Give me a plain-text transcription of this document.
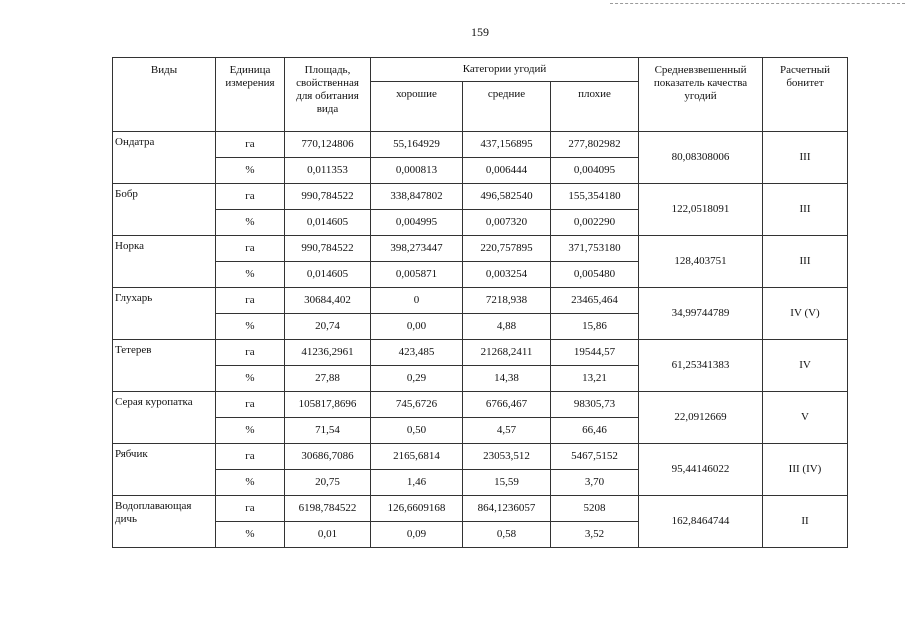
159
Виды	Единица измерения	Площадь, свойственная для обитания вида	Категории угодий			Средневзвешенный показатель качества угодий	Расчетный бонитет
			хорошие	средние	плохие		
Ондатра	га	770,124806	55,164929	437,156895	277,802982	80,08308006	III
	%	0,011353	0,000813	0,006444	0,004095		
Бобр	га	990,784522	338,847802	496,582540	155,354180	122,0518091	III
	%	0,014605	0,004995	0,007320	0,002290		
Норка	га	990,784522	398,273447	220,757895	371,753180	128,403751	III
	%	0,014605	0,005871	0,003254	0,005480		
Глухарь	га	30684,402	0	7218,938	23465,464	34,99744789	IV (V)
	%	20,74	0,00	4,88	15,86		
Тетерев	га	41236,2961	423,485	21268,2411	19544,57	61,25341383	IV
	%	27,88	0,29	14,38	13,21		
Серая куропатка	га	105817,8696	745,6726	6766,467	98305,73	22,0912669	V
	%	71,54	0,50	4,57	66,46		
Рябчик	га	30686,7086	2165,6814	23053,512	5467,5152	95,44146022	III (IV)
	%	20,75	1,46	15,59	3,70		
Водоплавающая дичь	га	6198,784522	126,6609168	864,1236057	5208	162,8464744	II
	%	0,01	0,09	0,58	3,52		
